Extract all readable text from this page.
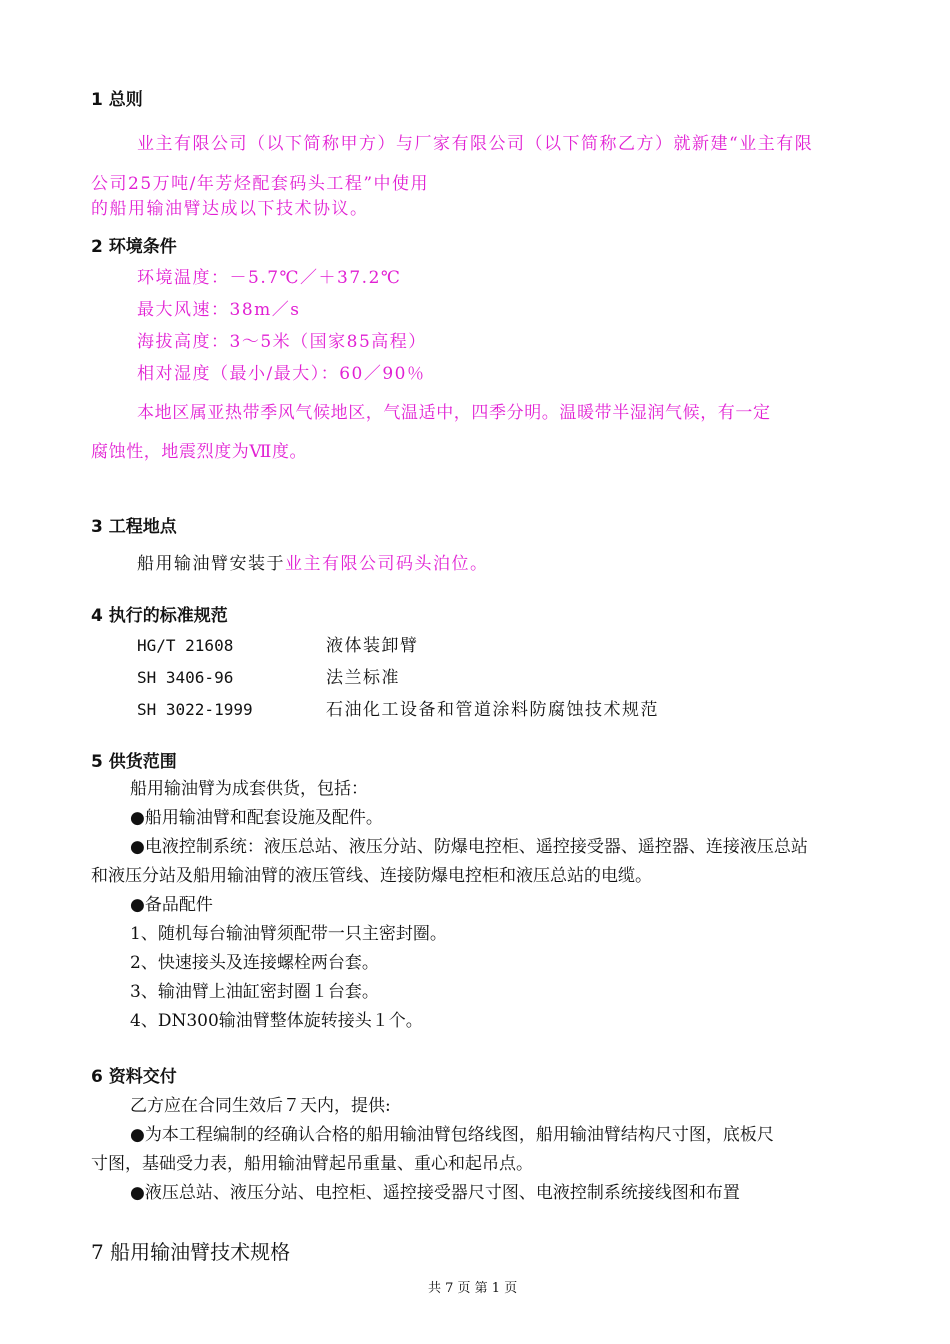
1 总则
业主有限公司（以下简称甲方）与厂家有限公司（以下简称乙方）就新建“业主有限
公司25万吨/年芳烃配套码头工程”中使用
的船用输油臂达成以下技术协议。
2 环境条件
环境温度：－5.7℃／＋37.2℃
最大风速：38m／s
海拔高度：3～5米（国家85高程）
相对湿度（最小/最大）：60／90％
本地区属亚热带季风气候地区，气温适中，四季分明。温暖带半湿润气候，有一定
腐蚀性，地震烈度为Ⅶ度。
3 工程地点
船用输油臂安装于业主有限公司码头泊位。
4 执行的标准规范
HG/T 21608	液体装卸臂
SH 3406-96	法兰标准
SH 3022-1999	石油化工设备和管道涂料防腐蚀技术规范
5 供货范围
船用输油臂为成套供货，包括：
●船用输油臂和配套设施及配件。
●电液控制系统：液压总站、液压分站、防爆电控柜、遥控接受器、遥控器、连接液压总站
和液压分站及船用输油臂的液压管线、连接防爆电控柜和液压总站的电缆。
●备品配件
1、随机每台输油臂须配带一只主密封圈。
2、快速接头及连接螺栓两台套。
3、输油臂上油缸密封圈１台套。
4、DN300输油臂整体旋转接头１个。
6 资料交付
乙方应在合同生效后７天内，提供:
●为本工程编制的经确认合格的船用输油臂包络线图，船用输油臂结构尺寸图，底板尺
寸图，基础受力表，船用输油臂起吊重量、重心和起吊点。
●液压总站、液压分站、电控柜、遥控接受器尺寸图、电液控制系统接线图和布置
7 船用输油臂技术规格
共 7 页 第 1 页
